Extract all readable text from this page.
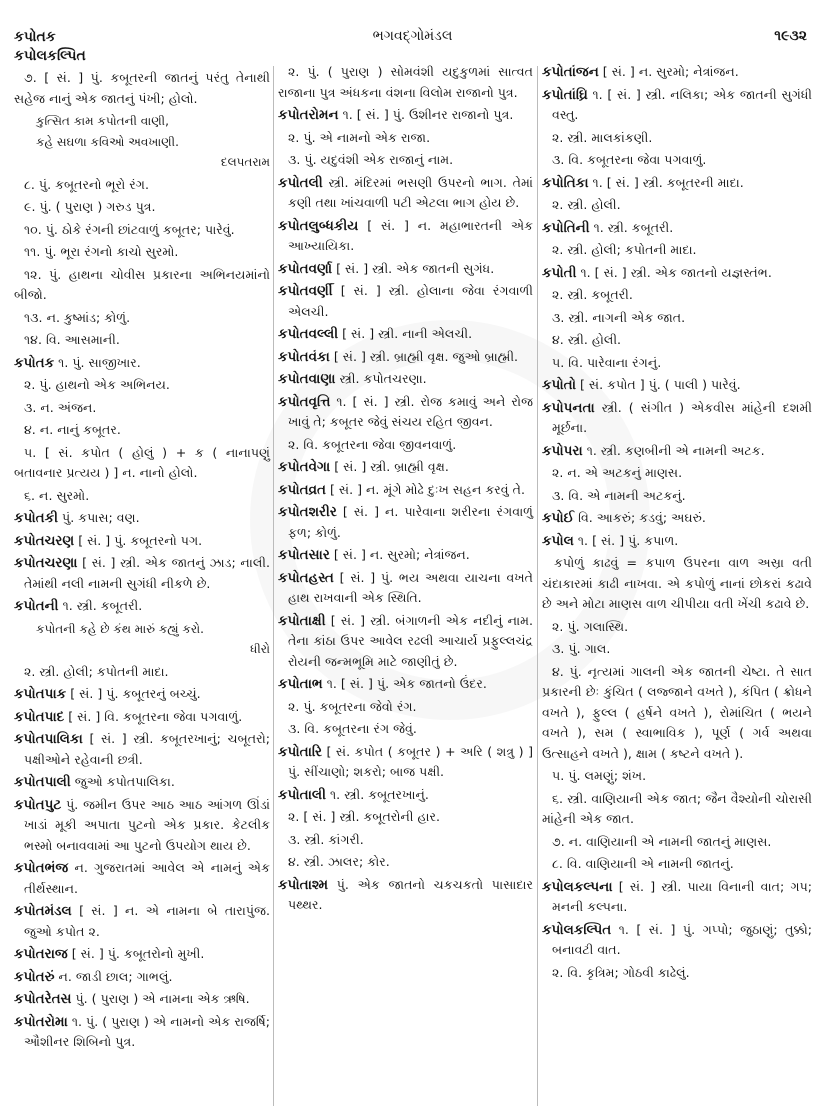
કપોતક
કપોલકલ્પિત
ભગવદ્ગોમંડલ	૧૯૩૨

૭. [ સં. ] પું. કબૂતરની જાતનું પરંતુ તેનાથી સહેજ નાનું એક જાતનું પંખી; હોલો.

કુત્સિત કામ કપોતની વાણી,

કહે સઘળા કવિઓ અવખાણી.

દલપતરામ

૮. પું. કબૂતરનો ભૂરો રંગ.

૯. પું. ( પુરાણ ) ગરુડ પુત્ર.

૧૦. પું. ઠોકે રંગની છાંટવાળું કબૂતર; પારેવું.

૧૧. પું. ભૂરા રંગનો કાચો સુરમો.

૧૨. પું. હાથના ચોવીસ પ્રકારના અભિનયમાંનો બીજો.

૧૩. ન. કુષ્માંડ; કોળું.

૧૪. વિ. આસમાની.

કપોતક ૧. પું. સાજીખાર.

૨. પું. હાથનો એક અભિનય.

૩. ન. અંજન.

૪. ન. નાનું કબૂતર.

૫. [ સં. કપોત ( હોલું ) + ક ( નાનાપણું બતાવનાર પ્રત્યય ) ] ન. નાનો હોલો.

૬. ન. સુરમો.

કપોતકી પું. કપાસ; વણ.

કપોતચરણ [ સં. ] પું. કબૂતરનો પગ.

કપોતચરણા [ સં. ] સ્ત્રી. એક જાતનું ઝાડ; નાલી. તેમાંથી નલી નામની સુગંધી નીકળે છે.

કપોતની ૧. સ્ત્રી. કબૂતરી.

કપોતની કહે છે કંથ મારું કહ્યું કરો.

ધીરો

૨. સ્ત્રી. હોલી; કપોતની માદા.

કપોતપાક [ સં. ] પું. કબૂતરનું બચ્ચું.

કપોતપાદ [ સં. ] વિ. કબૂતરના જેવા પગવાળું.

કપોતપાલિકા [ સં. ] સ્ત્રી. કબૂતરખાનું; ચબૂતરો; પક્ષીઓને રહેવાની છત્રી.

કપોતપાલી જુઓ કપોતપાલિકા.

કપોતપુટ પું. જમીન ઉપર આઠ આઠ આંગળ ઊંડાં ખાડાં મૂકી અપાતા પુટનો એક પ્રકાર. કેટલીક ભસ્મો બનાવવામાં આ પુટનો ઉપયોગ થાય છે.

કપોતભંજ ન. ગુજરાતમાં આવેલ એ નામનું એક તીર્થસ્થાન.

કપોતમંડલ [ સં. ] ન. એ નામના બે તારાપુંજ. જુઓ કપોત ૨.

કપોતરાજ [ સં. ] પું. કબૂતરોનો મુખી.

કપોતરું ન. જાડી છાલ; ગાભલું.

કપોતરેતસ પું. ( પુરાણ ) એ નામના એક ઋષિ.

કપોતરોમા ૧. પું. ( પુરાણ ) એ નામનો એક રાજર્ષિ; ઔશીનર શિબિનો પુત્ર.

૨. પું. ( પુરાણ ) સોમવંશી યદુકુળમાં સાત્વત રાજાના પુત્ર અંધકના વંશના વિલોમ રાજાનો પુત્ર.

કપોતરોમન ૧. [ સં. ] પું. ઉશીનર રાજાનો પુત્ર.

૨. પું. એ નામનો એક રાજા.

૩. પું. યદુવંશી એક રાજાનું નામ.

કપોતલી સ્ત્રી. મંદિરમાં ભસણી ઉપરનો ભાગ. તેમાં કણી તથા ખાંચવાળી પટી એટલા ભાગ હોય છે.

કપોતલુબ્ધકીય [ સં. ] ન. મહાભારતની એક આખ્યાયિકા.

કપોતવર્ણા [ સં. ] સ્ત્રી. એક જાતની સુગંધ.

કપોતવર્ણી [ સં. ] સ્ત્રી. હોલાના જેવા રંગવાળી એલચી.

કપોતવલ્લી [ સં. ] સ્ત્રી. નાની એલચી.

કપોતવંકા [ સં. ] સ્ત્રી. બ્રાહ્મી વૃક્ષ. જુઓ બ્રાહ્મી.

કપોતવાણા સ્ત્રી. કપોતચરણા.

કપોતવૃત્તિ ૧. [ સં. ] સ્ત્રી. રોજ કમાવું અને રોજ ખાવું તે; કબૂતર જેવું સંચય રહિત જીવન.

૨. વિ. કબૂતરના જેવા જીવનવાળું.

કપોતવેગા [ સં. ] સ્ત્રી. બ્રાહ્મી વૃક્ષ.

કપોતવ્રત [ સં. ] ન. મૂંગે મોઢે દુઃખ સહન કરવું તે.

કપોતશરીર [ સં. ] ન. પારેવાના શરીરના રંગવાળું ફળ; કોળું.

કપોતસાર [ સં. ] ન. સુરમો; નેત્રાંજન.

કપોતહસ્ત [ સં. ] પું. ભય અથવા યાચના વખતે હાથ રાખવાની એક સ્થિતિ.

કપોતાક્ષી [ સં. ] સ્ત્રી. બંગાળની એક નદીનું નામ. તેના કાંઠા ઉપર આવેલ રઢલી આચાર્ય પ્રફુલ્લચંદ્ર રોયની જન્મભૂમિ માટે જાણીતું છે.

કપોતાભ ૧. [ સં. ] પું. એક જાતનો ઉંદર.

૨. પું. કબૂતરના જેવો રંગ.

૩. વિ. કબૂતરના રંગ જેવું.

કપોતારિ [ સં. કપોત ( કબૂતર ) + અરિ ( શત્રુ ) ] પું. સીંચાણો; શકરો; બાજ પક્ષી.

કપોતાલી ૧. સ્ત્રી. કબૂતરખાનું.

૨. [ સં. ] સ્ત્રી. કબૂતરોની હાર.

૩. સ્ત્રી. કાંગરી.

૪. સ્ત્રી. ઝાલર; કોર.

કપોતાશ્મ પું. એક જાતનો ચકચકતો પાસાદાર પથ્થર.

કપોતાંજન [ સં. ] ન. સુરમો; નેત્રાંજન.

કપોતાંઘ્રિ ૧. [ સં. ] સ્ત્રી. નલિકા; એક જાતની સુગંધી વસ્તુ.

૨. સ્ત્રી. માલકાંકણી.

૩. વિ. કબૂતરના જેવા પગવાળું.

કપોતિકા ૧. [ સં. ] સ્ત્રી. કબૂતરની માદા.

૨. સ્ત્રી. હોલી.

કપોતિની ૧. સ્ત્રી. કબૂતરી.

૨. સ્ત્રી. હોલી; કપોતની માદા.

કપોતી ૧. [ સં. ] સ્ત્રી. એક જાતનો યજ્ઞસ્તંભ.

૨. સ્ત્રી. કબૂતરી.

૩. સ્ત્રી. નાગની એક જાત.

૪. સ્ત્રી. હોલી.

૫. વિ. પારેવાના રંગનું.

કપોતો [ સં. કપોત ] પું. ( પાલી ) પારેવું.

કપોપનતા સ્ત્રી. ( સંગીત ) એકવીસ માંહેની દશમી મૂર્છના.

કપોપરા ૧. સ્ત્રી. કણબીની એ નામની અટક.

૨. ન. એ અટકનું માણસ.

૩. વિ. એ નામની અટકનું.

કપોઈ વિ. આકરું; કડવું; અઘરું.

કપોલ ૧. [ સં. ] પું. કપાળ.

કપોળું કાઢવું = કપાળ ઉપરના વાળ અસ્રા વતી ચંદાકારમાં કાઢી નાખવા. એ કપોળું નાનાં છોકરાં કઢાવે છે અને મોટા માણસ વાળ ચીપીયા વતી ખેંચી કઢાવે છે.

૨. પું. ગલાસ્થિ.

૩. પું. ગાલ.

૪. પું. નૃત્યમાં ગાલની એક જાતની ચેષ્ટા. તે સાત પ્રકારની છેઃ કુંચિત ( લજ્જાને વખતે ), કંપિત ( ક્રોધને વખતે ), ફુલ્લ ( હર્ષને વખતે ), રોમાંચિત ( ભયને વખતે ), સમ ( સ્વાભાવિક ), પૂર્ણ ( ગર્વ અથવા ઉત્સાહને વખતે ), ક્ષામ ( કષ્ટને વખતે ).

૫. પું. લમણું; શંખ.

૬. સ્ત્રી. વાણિયાની એક જાત; જૈન વૈશ્યોની ચોરાસી માંહેની એક જાત.

૭. ન. વાણિયાની એ નામની જાતનું માણસ.

૮. વિ. વાણિયાની એ નામની જાતનું.

કપોલકલ્પના [ સં. ] સ્ત્રી. પાયા વિનાની વાત; ગપ; મનની કલ્પના.

કપોલકલ્પિત ૧. [ સં. ] પું. ગપ્પો; જુઠાણું; તુક્કો; બનાવટી વાત.

૨. વિ. કૃત્રિમ; ગોઠવી કાઢેલું.
